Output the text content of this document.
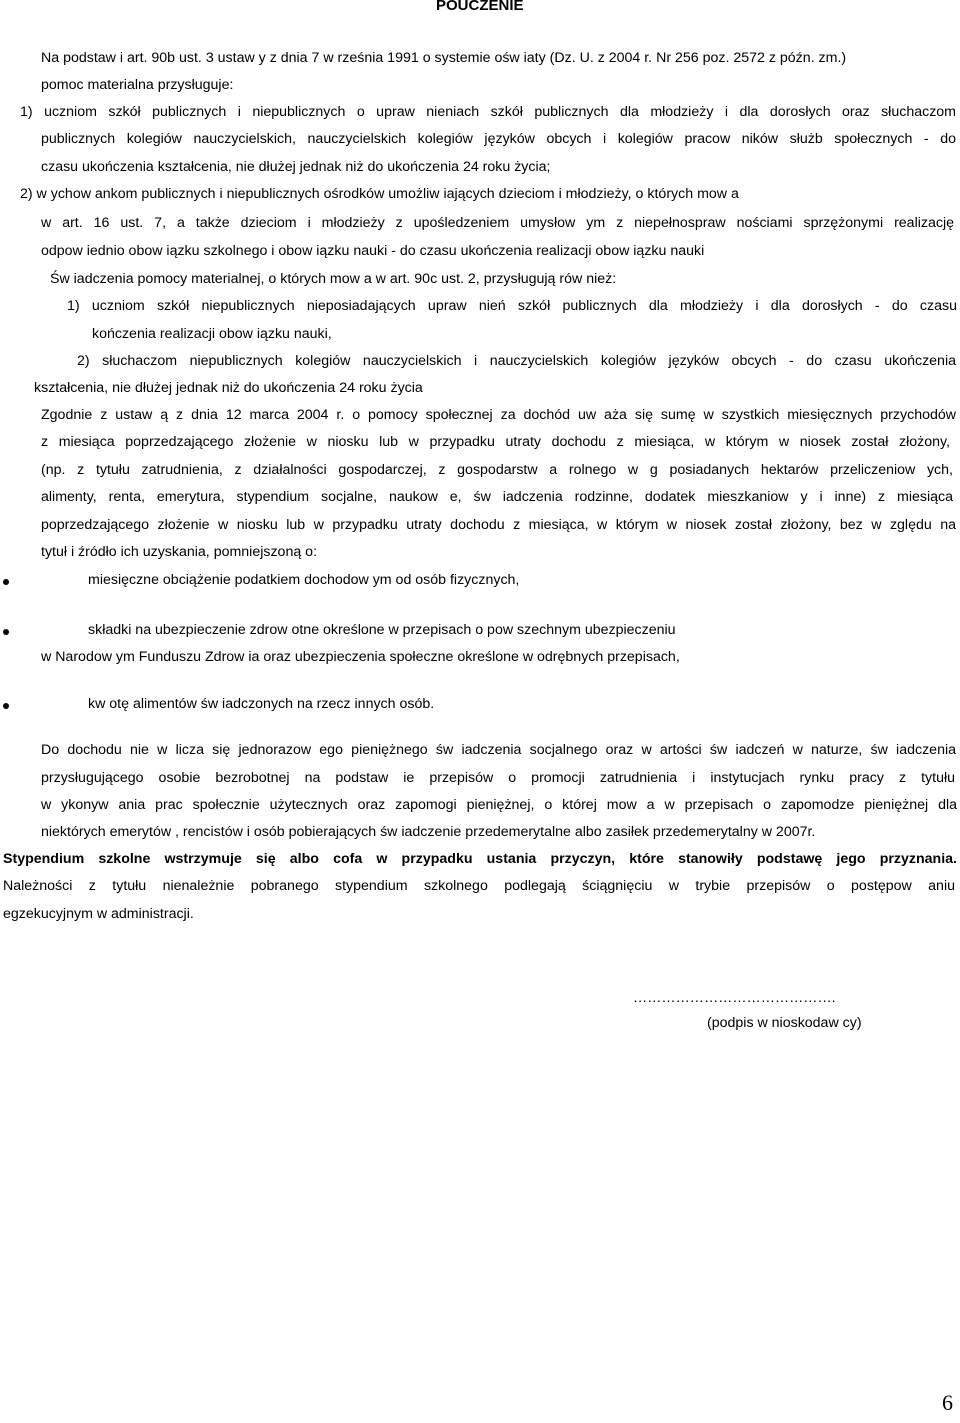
POUCZENIE
Na podstaw i art. 90b ust. 3 ustaw y z dnia 7 w rześnia 1991 o systemie ośw iaty (Dz. U. z 2004 r. Nr 256 poz. 2572 z późn. zm.)
pomoc materialna przysługuje:
1) uczniom szkół publicznych i niepublicznych o upraw nieniach szkół publicznych dla młodzieży i dla dorosłych oraz słuchaczom
publicznych kolegiów nauczycielskich, nauczycielskich kolegiów języków obcych i kolegiów pracow ników służb społecznych - do
czasu ukończenia kształcenia, nie dłużej jednak niż do ukończenia 24 roku życia;
2) w ychow ankom publicznych i niepublicznych ośrodków umożliw iających dzieciom i młodzieży, o których mow a
w art. 16 ust. 7, a także dzieciom i młodzieży z upośledzeniem umysłow ym z niepełnospraw nościami sprzężonymi realizację
odpow iednio obow iązku szkolnego i obow iązku nauki - do czasu ukończenia realizacji obow iązku nauki
Św iadczenia pomocy materialnej, o których mow a w art. 90c ust. 2, przysługują rów nież:
1) uczniom szkół niepublicznych nieposiadających upraw nień szkół publicznych dla młodzieży i dla dorosłych - do czasu
kończenia realizacji obow iązku nauki,
2) słuchaczom niepublicznych kolegiów nauczycielskich i nauczycielskich kolegiów języków obcych - do czasu ukończenia
kształcenia, nie dłużej jednak niż do ukończenia 24 roku życia
Zgodnie z ustaw ą z dnia 12 marca 2004 r. o pomocy społecznej za dochód uw aża się sumę w szystkich miesięcznych przychodów
z miesiąca poprzedzającego złożenie w niosku lub w przypadku utraty dochodu z miesiąca, w którym w niosek został złożony,
(np. z tytułu zatrudnienia, z działalności gospodarczej, z gospodarstw a rolnego w g posiadanych hektarów przeliczeniow ych,
alimenty, renta, emerytura, stypendium socjalne, naukow e, św iadczenia rodzinne, dodatek mieszkaniow y i inne) z miesiąca
poprzedzającego złożenie w niosku lub w przypadku utraty dochodu z miesiąca, w którym w niosek został złożony, bez w zględu na
tytuł i źródło ich uzyskania, pomniejszoną o:
miesięczne obciążenie podatkiem dochodow ym od osób fizycznych,
składki na ubezpieczenie zdrow otne określone w przepisach o pow szechnym ubezpieczeniu
w Narodow ym Funduszu Zdrow ia oraz ubezpieczenia społeczne określone w odrębnych przepisach,
kw otę alimentów św iadczonych na rzecz innych osób.
Do dochodu nie w licza się jednorazow ego pieniężnego św iadczenia socjalnego oraz w artości św iadczeń w naturze, św iadczenia
przysługującego osobie bezrobotnej na podstaw ie przepisów o promocji zatrudnienia i instytucjach rynku pracy z tytułu
w ykonyw ania prac społecznie użytecznych oraz zapomogi pieniężnej, o której mow a w przepisach o zapomodze pieniężnej dla
niektórych emerytów , rencistów i osób pobierających św iadczenie przedemerytalne albo zasiłek przedemerytalny w 2007r.
Stypendium szkolne wstrzymuje się albo cofa w przypadku ustania przyczyn, które stanowiły podstawę jego przyznania.
Należności z tytułu nienależnie pobranego stypendium szkolnego podlegają ściągnięciu w trybie przepisów o postępow aniu
egzekucyjnym w administracji.
…………………………………….
(podpis w nioskodaw cy)
6
